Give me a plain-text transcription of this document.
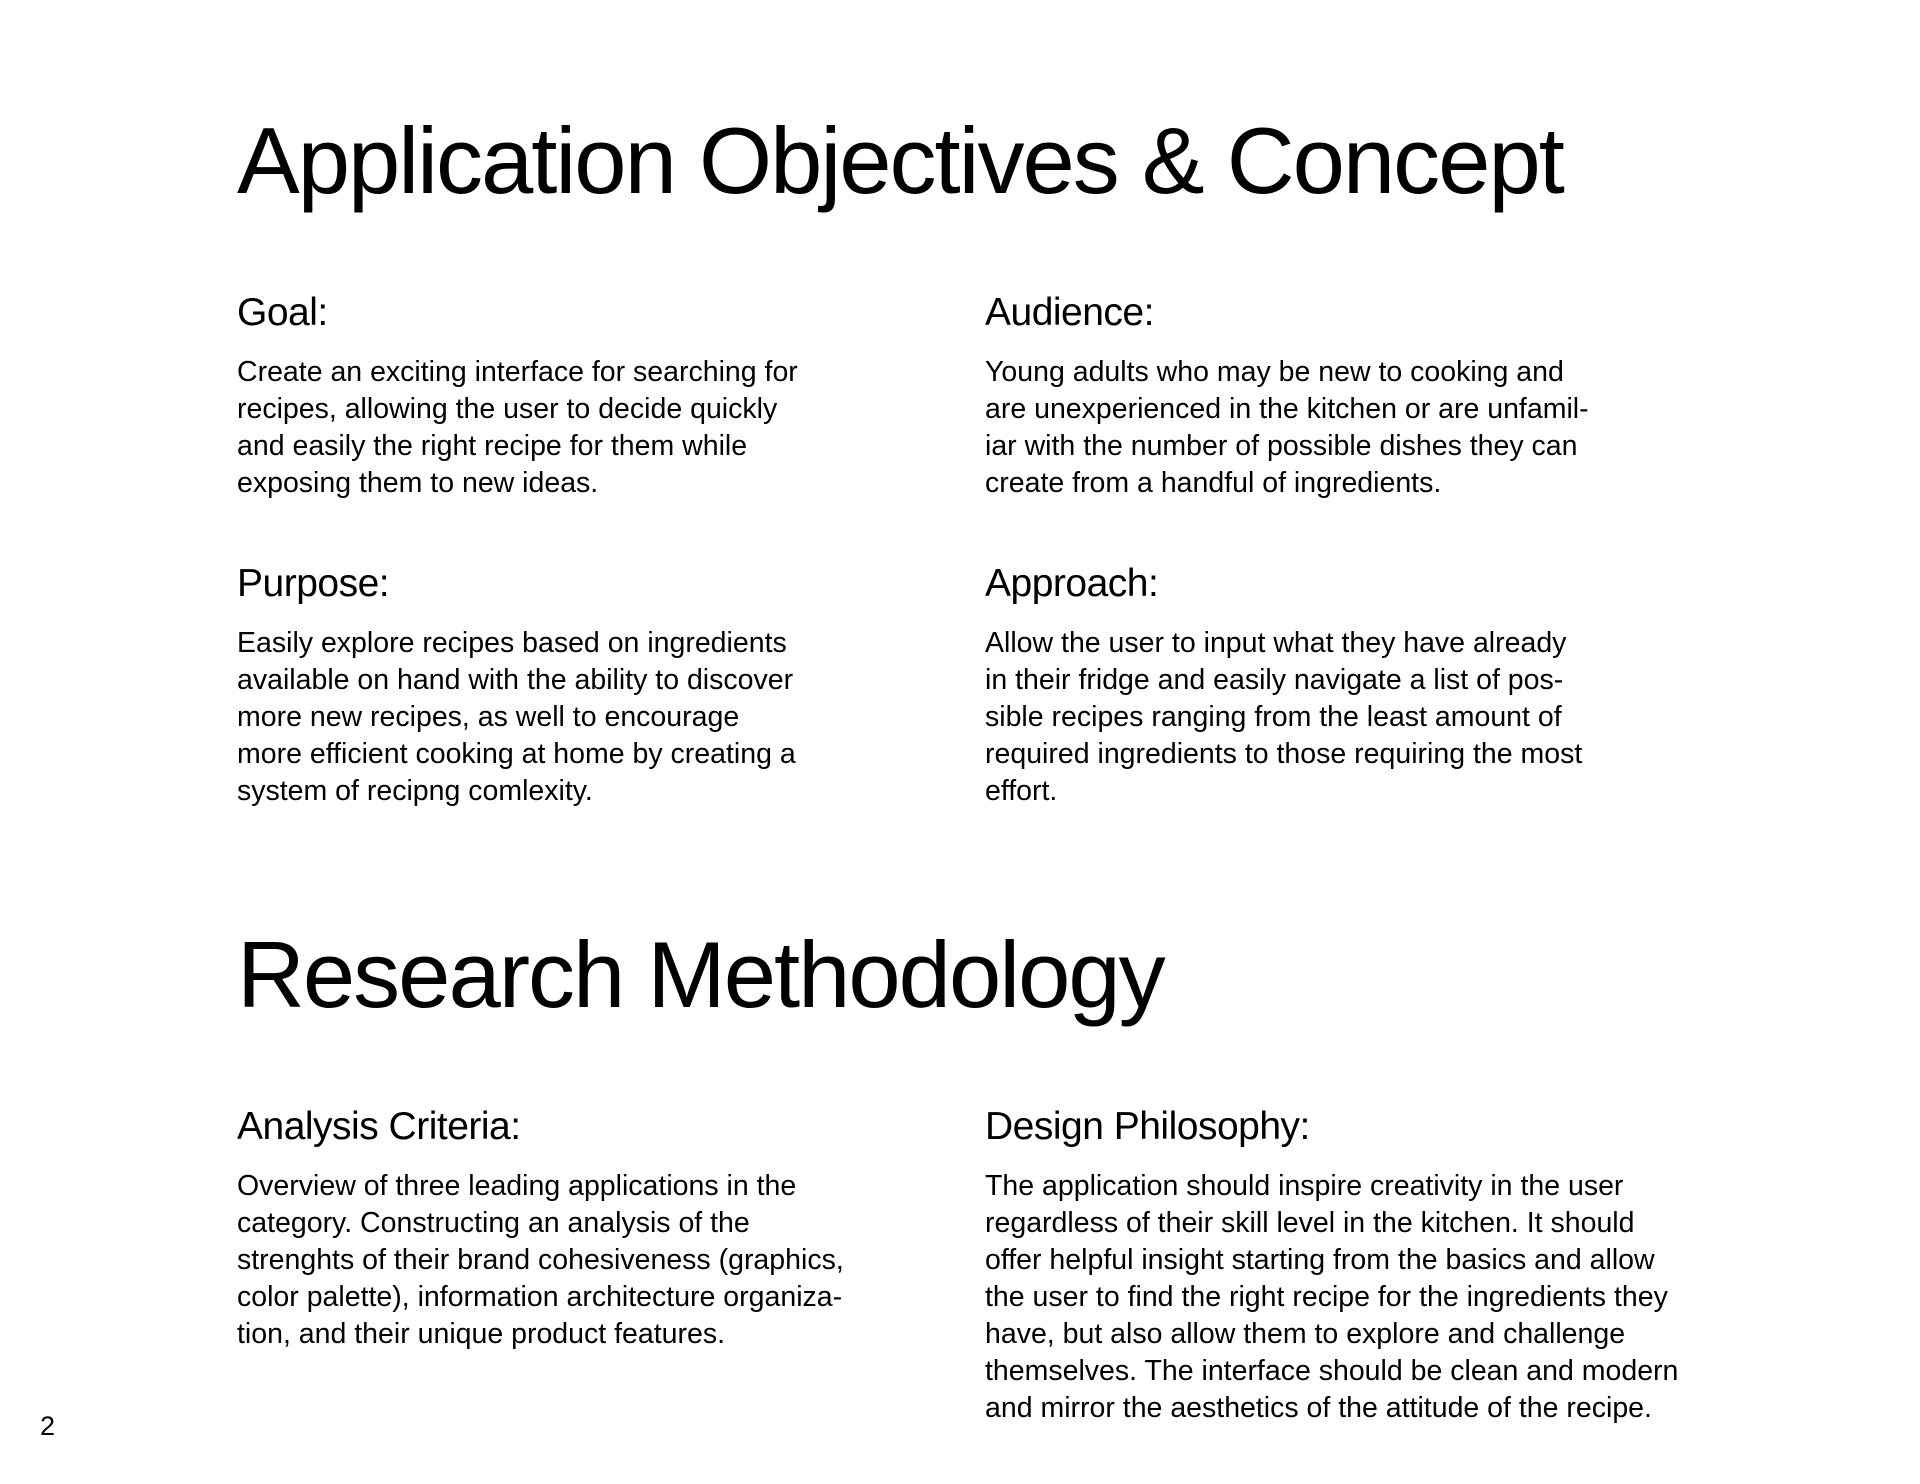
Application Objectives & Concept
Goal:

Create an exciting interface for searching for
recipes, allowing the user to decide quickly
and easily the right recipe for them while
exposing them to new ideas.

Audience:

Young adults who may be new to cooking and
are unexperienced in the kitchen or are unfamil-
iar with the number of possible dishes they can
create from a handful of ingredients.

Purpose:

Easily explore recipes based on ingredients
available on hand with the ability to discover
more new recipes, as well to encourage
more efficient cooking at home by creating a
system of recipng comlexity.

Approach:

Allow the user to input what they have already
in their fridge and easily navigate a list of pos-
sible recipes ranging from the least amount of
required ingredients to those requiring the most
effort.

Research Methodology
Analysis Criteria:

Overview of three leading applications in the
category. Constructing an analysis of the
strenghts of their brand cohesiveness (graphics,
color palette), information architecture organiza-
tion, and their unique product features.

Design Philosophy:

The application should inspire creativity in the user
regardless of their skill level in the kitchen. It should
offer helpful insight starting from the basics and allow
the user to find the right recipe for the ingredients they
have, but also allow them to explore and challenge
themselves. The interface should be clean and modern
and mirror the aesthetics of the attitude of the recipe.

2
